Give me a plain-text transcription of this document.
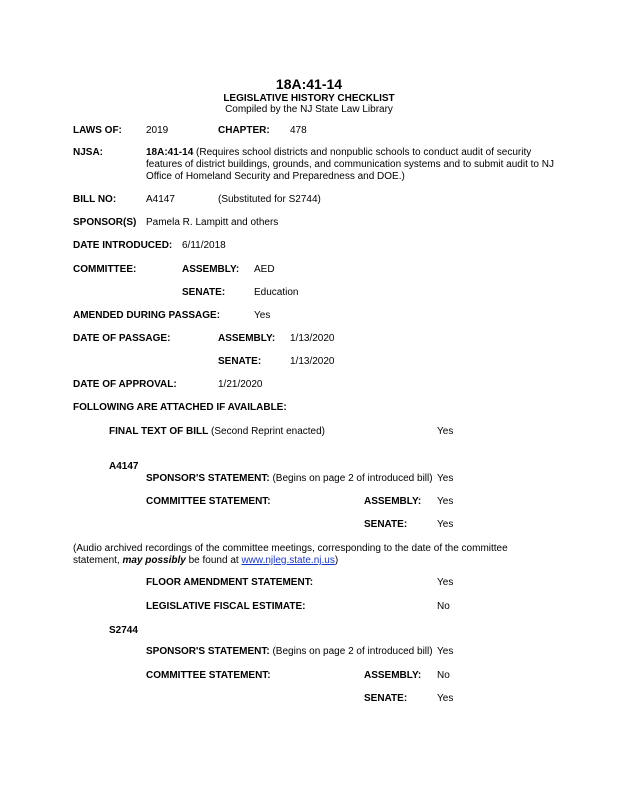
18A:41-14
LEGISLATIVE HISTORY CHECKLIST
Compiled by the NJ State Law Library
LAWS OF: 2019	CHAPTER: 478
NJSA:	18A:41-14 (Requires school districts and nonpublic schools to conduct audit of security
features of district buildings, grounds, and communication systems and to submit audit to NJ
Office of Homeland Security and Preparedness and DOE.)
BILL NO:	A4147	(Substituted for S2744)
SPONSOR(S) Pamela R. Lampitt and others
DATE INTRODUCED: 6/11/2018
COMMITTEE:	ASSEMBLY: AED
SENATE:	Education
AMENDED DURING PASSAGE:	Yes
DATE OF PASSAGE:	ASSEMBLY: 1/13/2020
SENATE:	1/13/2020
DATE OF APPROVAL:	1/21/2020
FOLLOWING ARE ATTACHED IF AVAILABLE:
FINAL TEXT OF BILL (Second Reprint enacted)	Yes
A4147
SPONSOR'S STATEMENT: (Begins on page 2 of introduced bill) Yes
COMMITTEE STATEMENT:	ASSEMBLY: Yes
SENATE:	Yes
(Audio archived recordings of the committee meetings, corresponding to the date of the committee
statement, may possibly be found at www.njleg.state.nj.us)
FLOOR AMENDMENT STATEMENT:	Yes
LEGISLATIVE FISCAL ESTIMATE:	No
S2744
SPONSOR'S STATEMENT: (Begins on page 2 of introduced bill) Yes
COMMITTEE STATEMENT:	ASSEMBLY: No
SENATE:	Yes
